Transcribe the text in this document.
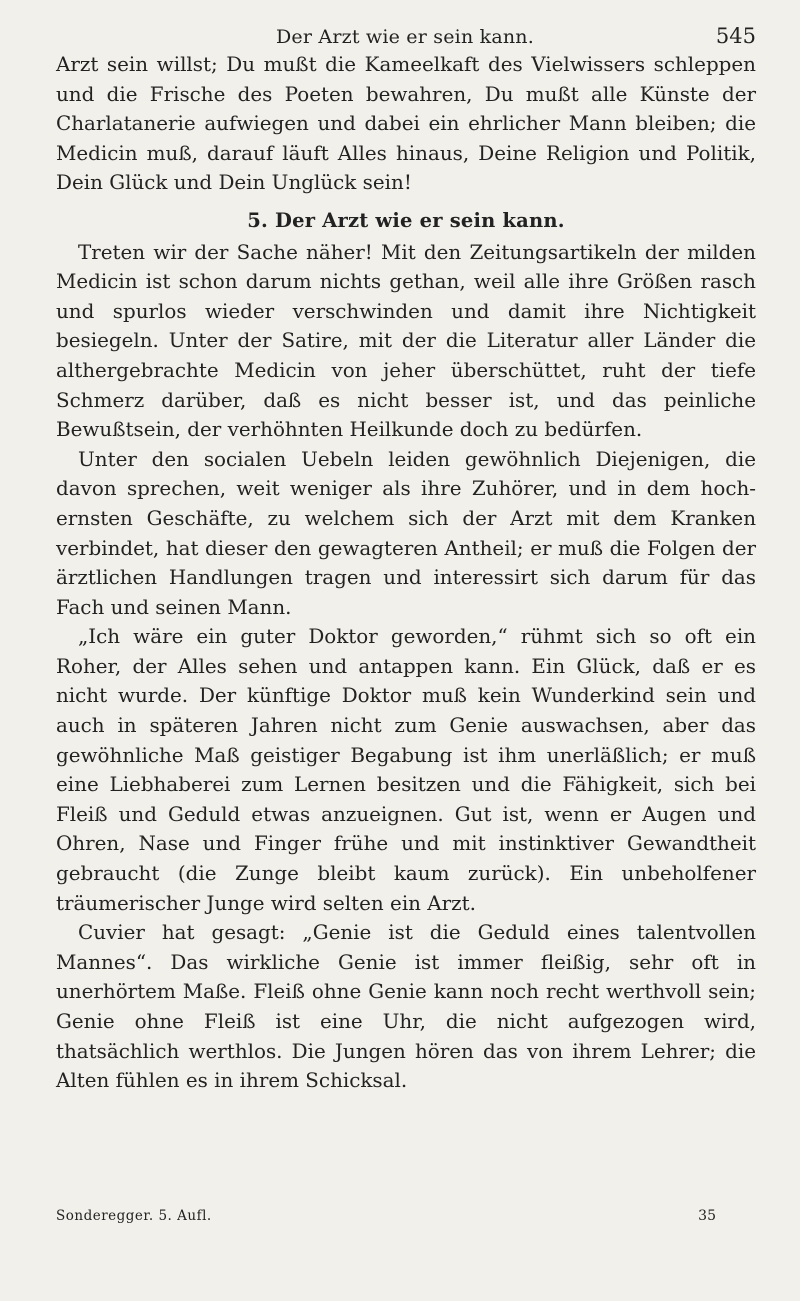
Der Arzt wie er sein kann.	545

Arzt sein willst; Du mußt die Kameelkaft des Vielwissers schleppen und die Frische des Poeten bewahren, Du mußt alle Künste der Charlatanerie aufwiegen und dabei ein ehrlicher Mann bleiben; die Medicin muß, darauf läuft Alles hinaus, Deine Religion und Politik, Dein Glück und Dein Unglück sein!

5. Der Arzt wie er sein kann.

Treten wir der Sache näher! Mit den Zeitungsartikeln der milden Medicin ist schon darum nichts gethan, weil alle ihre Größen rasch und spurlos wieder verschwinden und damit ihre Nichtigkeit besiegeln. Unter der Satire, mit der die Literatur aller Länder die althergebrachte Medicin von jeher überschüttet, ruht der tiefe Schmerz darüber, daß es nicht besser ist, und das peinliche Bewußtsein, der verhöhnten Heilkunde doch zu bedürfen.

Unter den socialen Uebeln leiden gewöhnlich Diejenigen, die davon sprechen, weit weniger als ihre Zuhörer, und in dem hoch-ernsten Geschäfte, zu welchem sich der Arzt mit dem Kranken verbindet, hat dieser den gewagteren Antheil; er muß die Folgen der ärztlichen Handlungen tragen und interessirt sich darum für das Fach und seinen Mann.

„Ich wäre ein guter Doktor geworden,“ rühmt sich so oft ein Roher, der Alles sehen und antappen kann. Ein Glück, daß er es nicht wurde. Der künftige Doktor muß kein Wunderkind sein und auch in späteren Jahren nicht zum Genie auswachsen, aber das gewöhnliche Maß geistiger Begabung ist ihm unerläßlich; er muß eine Liebhaberei zum Lernen besitzen und die Fähigkeit, sich bei Fleiß und Geduld etwas anzueignen. Gut ist, wenn er Augen und Ohren, Nase und Finger frühe und mit instinktiver Gewandtheit gebraucht (die Zunge bleibt kaum zurück). Ein unbeholfener träumerischer Junge wird selten ein Arzt.

Cuvier hat gesagt: „Genie ist die Geduld eines talentvollen Mannes“. Das wirkliche Genie ist immer fleißig, sehr oft in unerhörtem Maße. Fleiß ohne Genie kann noch recht werthvoll sein; Genie ohne Fleiß ist eine Uhr, die nicht aufgezogen wird, thatsächlich werthlos. Die Jungen hören das von ihrem Lehrer; die Alten fühlen es in ihrem Schicksal.

Sonderegger. 5. Aufl.	35
